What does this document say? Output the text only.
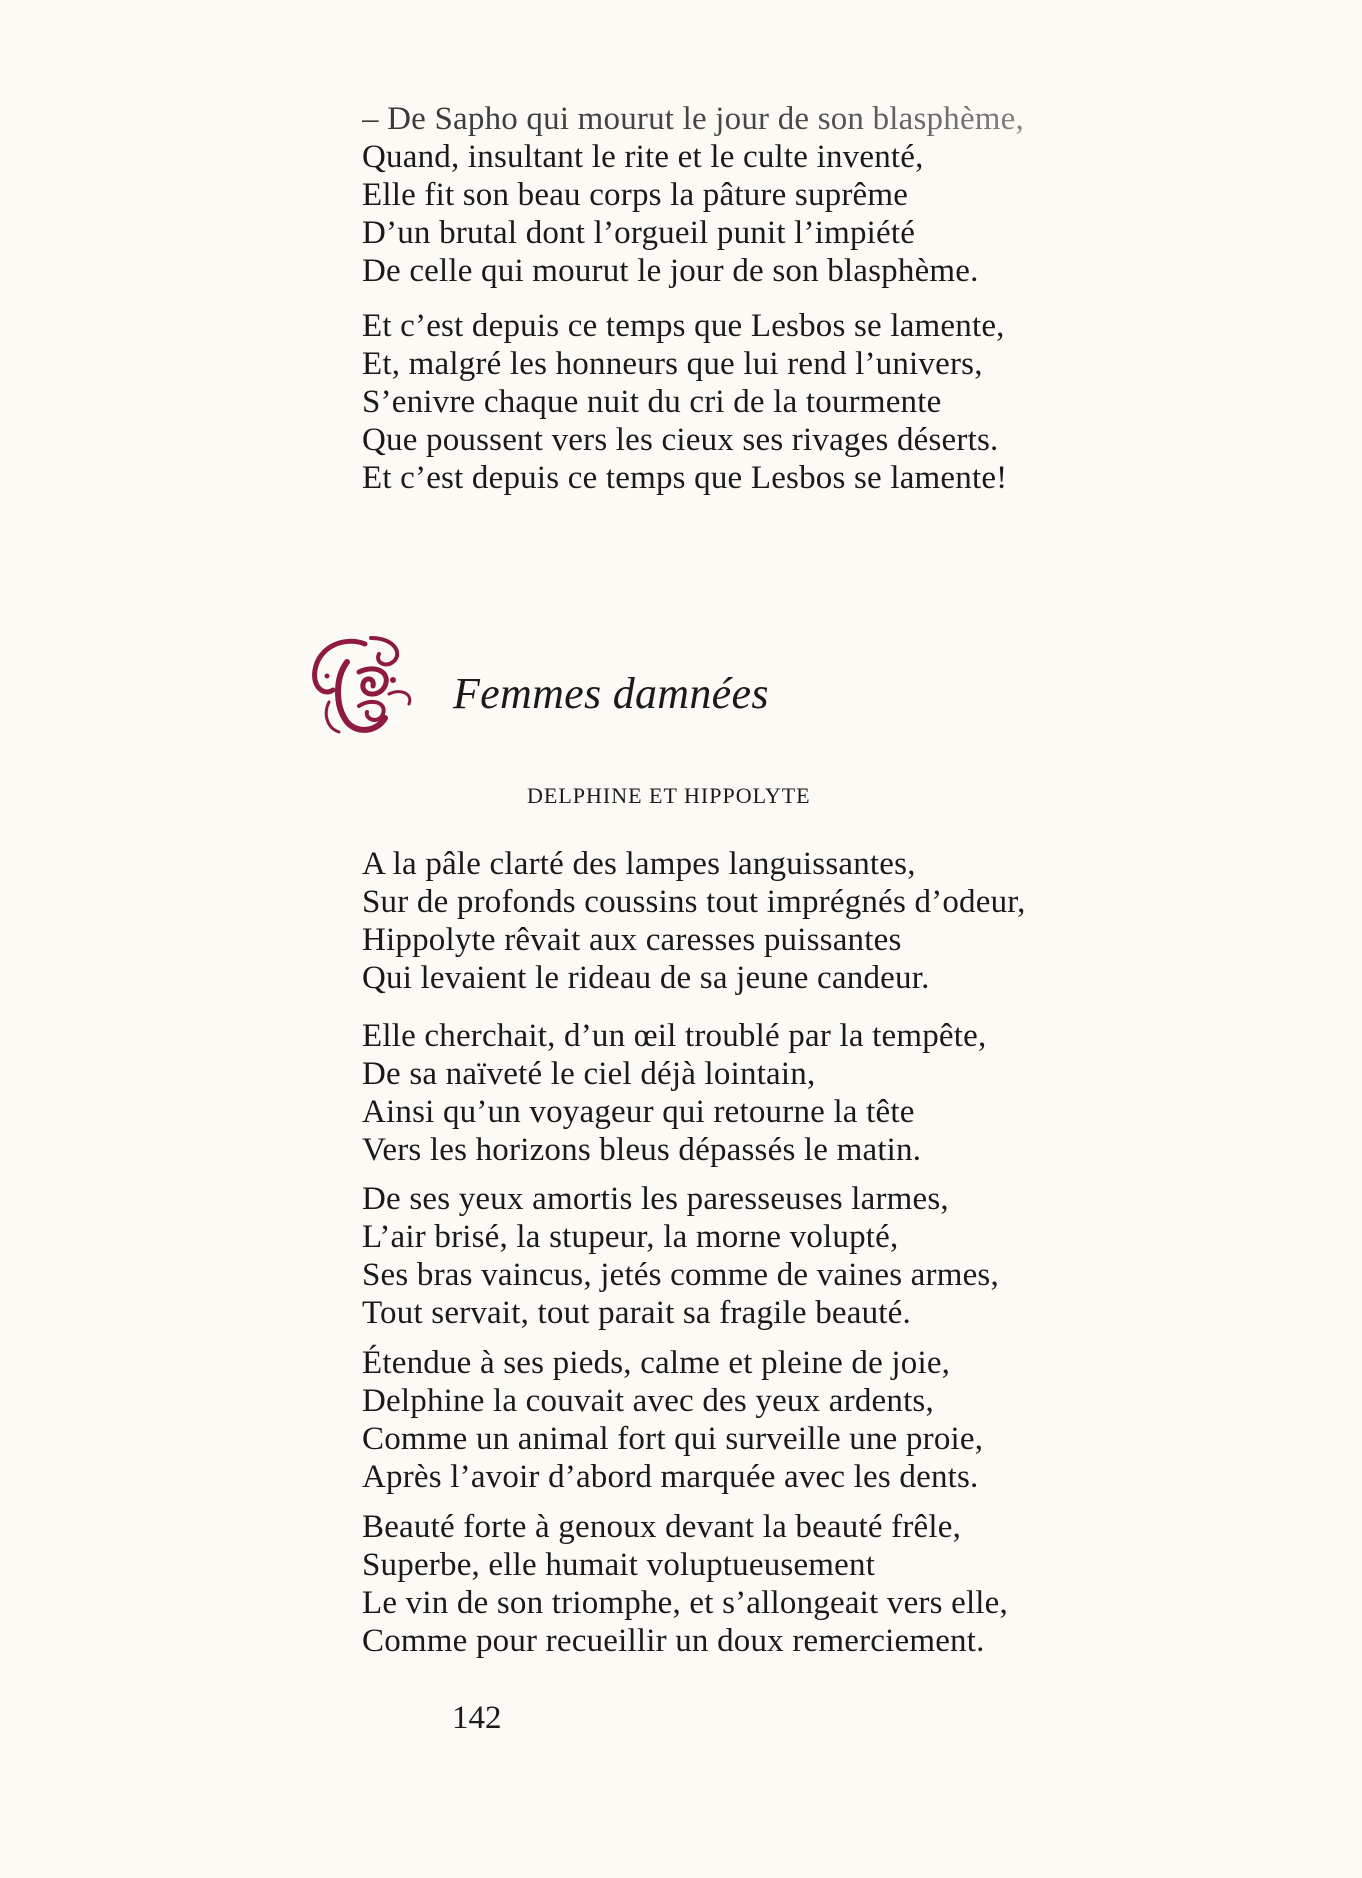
– De Sapho qui mourut le jour de son blasphème,
Quand, insultant le rite et le culte inventé,
Elle fit son beau corps la pâture suprême
D’un brutal dont l’orgueil punit l’impiété
De celle qui mourut le jour de son blasphème.
Et c’est depuis ce temps que Lesbos se lamente,
Et, malgré les honneurs que lui rend l’univers,
S’enivre chaque nuit du cri de la tourmente
Que poussent vers les cieux ses rivages déserts.
Et c’est depuis ce temps que Lesbos se lamente!
Femmes damnées
DELPHINE ET HIPPOLYTE
A la pâle clarté des lampes languissantes,
Sur de profonds coussins tout imprégnés d’odeur,
Hippolyte rêvait aux caresses puissantes
Qui levaient le rideau de sa jeune candeur.
Elle cherchait, d’un œil troublé par la tempête,
De sa naïveté le ciel déjà lointain,
Ainsi qu’un voyageur qui retourne la tête
Vers les horizons bleus dépassés le matin.
De ses yeux amortis les paresseuses larmes,
L’air brisé, la stupeur, la morne volupté,
Ses bras vaincus, jetés comme de vaines armes,
Tout servait, tout parait sa fragile beauté.
Étendue à ses pieds, calme et pleine de joie,
Delphine la couvait avec des yeux ardents,
Comme un animal fort qui surveille une proie,
Après l’avoir d’abord marquée avec les dents.
Beauté forte à genoux devant la beauté frêle,
Superbe, elle humait voluptueusement
Le vin de son triomphe, et s’allongeait vers elle,
Comme pour recueillir un doux remerciement.
142
